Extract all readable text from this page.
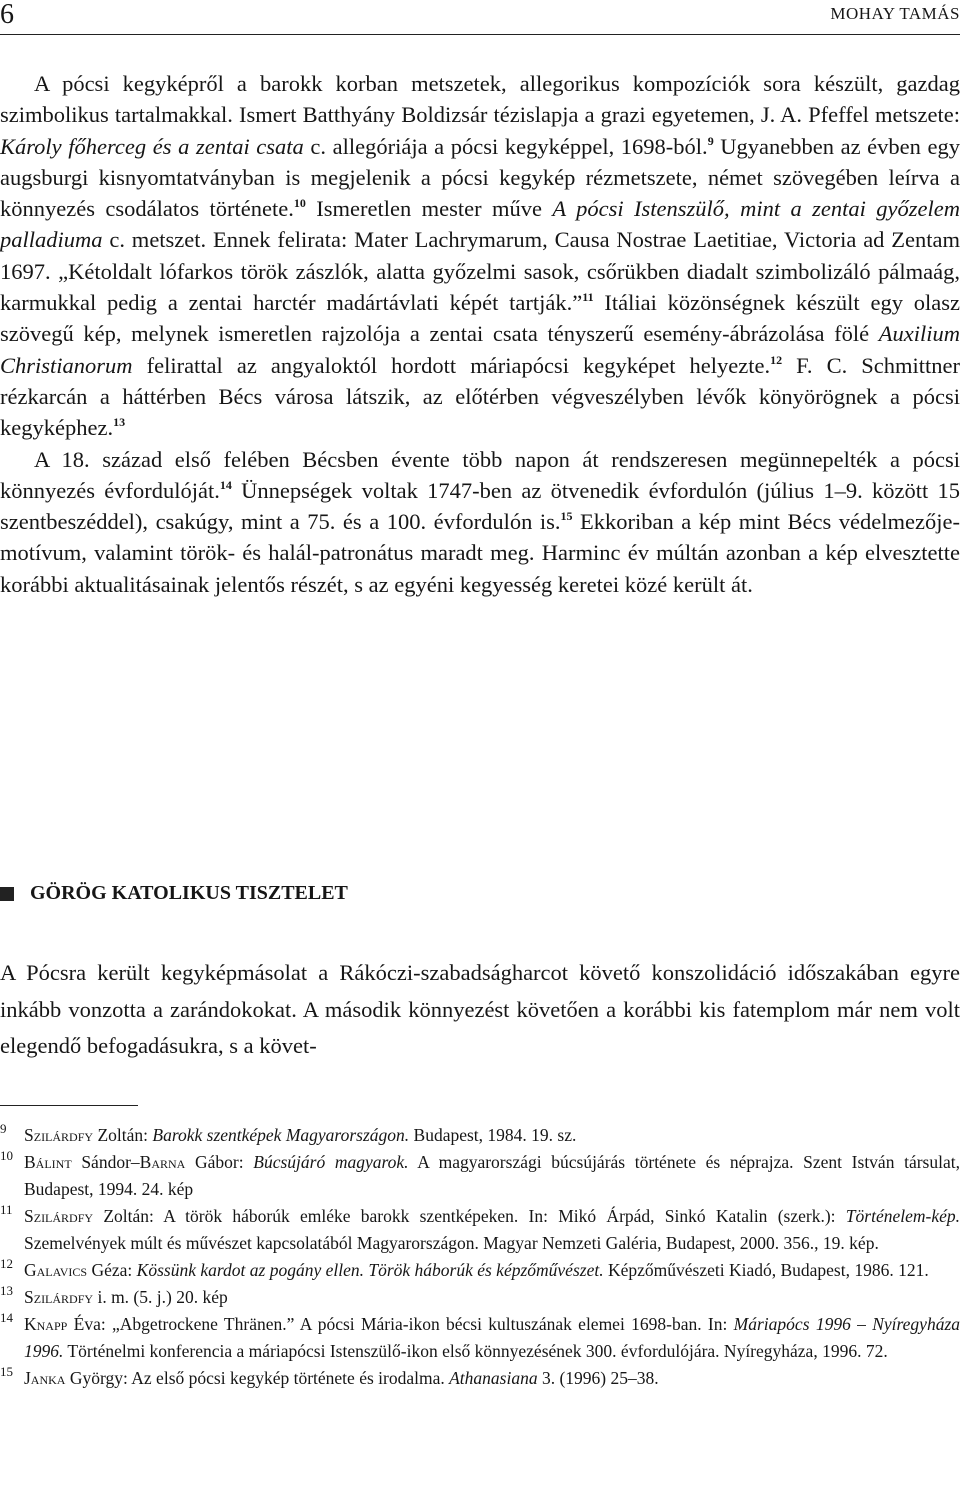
6	MOHAY TAMÁS

A pócsi kegyképről a barokk korban metszetek, allegorikus kompozíciók sora készült, gazdag szimbolikus tartalmakkal. Ismert Batthyány Boldizsár tézislapja a grazi egyetemen, J. A. Pfeffel metszete: Károly főherceg és a zentai csata c. allegóriája a pócsi kegyképpel, 1698-ból.$^9$ Ugyanebben az évben egy augsburgi kisnyomtatványban is megjelenik a pócsi kegykép rézmetszete, német szövegében leírva a könnyezés csodálatos története.$^{10}$ Ismeretlen mester műve A pócsi Istenszülő, mint a zentai győzelem palladiuma c. metszet. Ennek felirata: Mater Lachrymarum, Causa Nostrae Laetitiae, Victoria ad Zentam 1697. „Kétoldalt lófarkos török zászlók, alatta győzelmi sasok, csőrükben diadalt szimbolizáló pálmaág, karmukkal pedig a zentai harctér madártávlati képét tartják.”$^{11}$ Itáliai közönségnek készült egy olasz szövegű kép, melynek ismeretlen rajzolója a zentai csata tényszerű esemény-ábrázolása fölé Auxilium Christianorum felirattal az angyaloktól hordott máriapócsi kegyképet helyezte.$^{12}$ F. C. Schmittner rézkarcán a háttérben Bécs városa látszik, az előtérben végveszélyben lévők könyörögnek a pócsi kegyképhez.$^{13}$

A 18. század első felében Bécsben évente több napon át rendszeresen megünnepelték a pócsi könnyezés évfordulóját.$^{14}$ Ünnepségek voltak 1747-ben az ötvenedik évfordulón (július 1–9. között 15 szentbeszéddel), csakúgy, mint a 75. és a 100. évfordulón is.$^{15}$ Ekkoriban a kép mint Bécs védelmezője-motívum, valamint török- és halál-patronátus maradt meg. Harminc év múltán azonban a kép elvesztette korábbi aktualitásainak jelentős részét, s az egyéni kegyesség keretei közé került át.

GÖRÖG KATOLIKUS TISZTELET

A Pócsra került kegyképmásolat a Rákóczi-szabadságharcot követő konszolidáció időszakában egyre inkább vonzotta a zarándokokat. A második könnyezést követően a korábbi kis fatemplom már nem volt elegendő befogadásukra, s a követ-

9 Szilárdfy Zoltán: Barokk szentképek Magyarországon. Budapest, 1984. 19. sz.

10 Bálint Sándor–Barna Gábor: Búcsújáró magyarok. A magyarországi búcsújárás története és néprajza. Szent István társulat, Budapest, 1994. 24. kép

11 Szilárdfy Zoltán: A török háborúk emléke barokk szentképeken. In: Mikó Árpád, Sinkó Katalin (szerk.): Történelem-kép. Szemelvények múlt és művészet kapcsolatából Magyarországon. Magyar Nemzeti Galéria, Budapest, 2000. 356., 19. kép.

12 Galavics Géza: Kössünk kardot az pogány ellen. Török háborúk és képzőművészet. Képzőművészeti Kiadó, Budapest, 1986. 121.

13 Szilárdfy i. m. (5. j.) 20. kép

14 Knapp Éva: „Abgetrockene Thränen.” A pócsi Mária-ikon bécsi kultuszának elemei 1698-ban. In: Máriapócs 1996 – Nyíregyháza 1996. Történelmi konferencia a máriapócsi Istenszülő-ikon első könnyezésének 300. évfordulójára. Nyíregyháza, 1996. 72.

15 Janka György: Az első pócsi kegykép története és irodalma. Athanasiana 3. (1996) 25–38.
